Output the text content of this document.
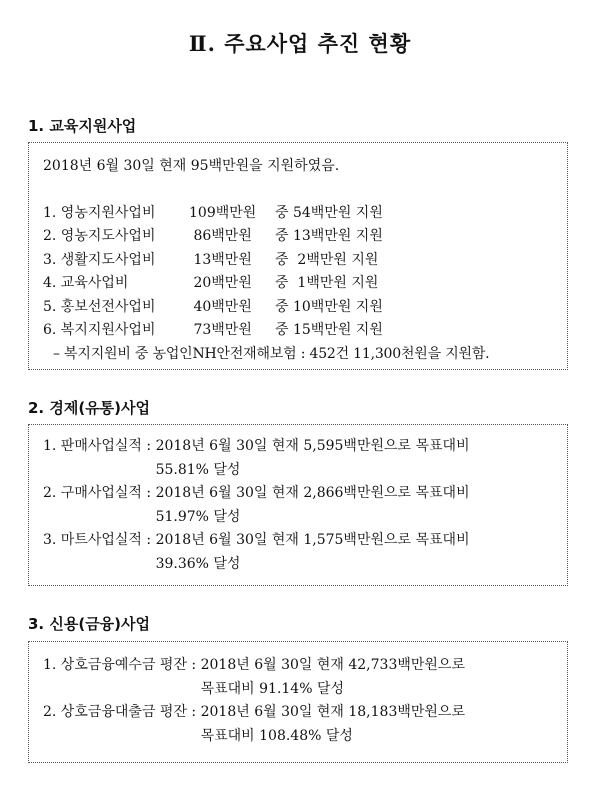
Ⅱ. 주요사업 추진 현황
1. 교육지원사업
2018년 6월 30일 현재 95백만원을 지원하였음.
1. 영농지원사업비	109백만원	중 54백만원 지원
2. 영농지도사업비	86백만원	중 13백만원 지원
3. 생활지도사업비	13백만원	중  2백만원 지원
4. 교육사업비	20백만원	중  1백만원 지원
5. 홍보선전사업비	40백만원	중 10백만원 지원
6. 복지지원사업비	73백만원	중 15백만원 지원
– 복지지원비 중 농업인NH안전재해보험 : 452건 11,300천원을 지원함.
2. 경제(유통)사업
1. 판매사업실적 : 2018년 6월 30일 현재 5,595백만원으로 목표대비
55.81% 달성
2. 구매사업실적 : 2018년 6월 30일 현재 2,866백만원으로 목표대비
51.97% 달성
3. 마트사업실적 : 2018년 6월 30일 현재 1,575백만원으로 목표대비
39.36% 달성
3. 신용(금융)사업
1. 상호금융예수금 평잔 : 2018년 6월 30일 현재 42,733백만원으로
목표대비 91.14% 달성
2. 상호금융대출금 평잔 : 2018년 6월 30일 현재 18,183백만원으로
목표대비 108.48% 달성
